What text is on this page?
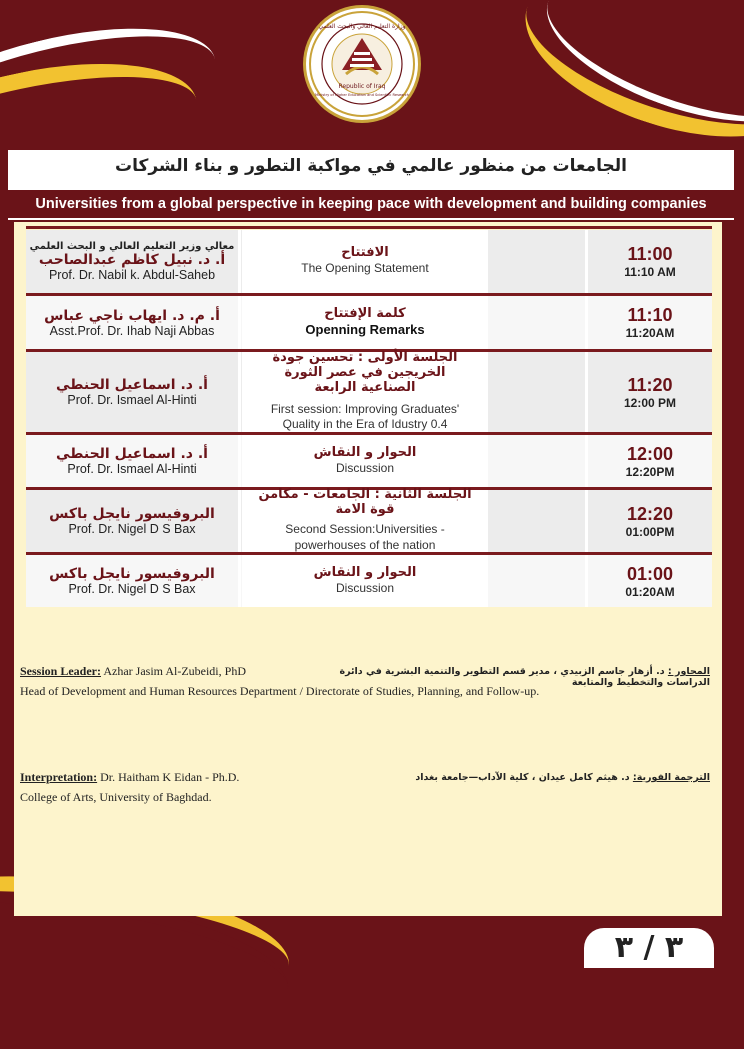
Republic of Iraq
Ministry of Higher Education and Scientific Research
وزارة التعليم العالي والبحث العلمي
الجامعات من منظور عالمي في مواكبة التطور و بناء الشركات
Universities from a global perspective in keeping pace with development and building companies
معالي وزير التعليم العالي و البحث العلمي
أ. د. نبيل كاظم عبدالصاحب
Prof. Dr. Nabil k. Abdul-Saheb
الافتتاح
The Opening Statement
11:00
11:10 AM
أ. م. د. ايهاب ناجي عباس
Asst.Prof. Dr. Ihab Naji Abbas
كلمة الإفتتاح
Openning Remarks
11:10
11:20AM
أ. د. اسماعيل الحنطي
Prof. Dr. Ismael Al-Hinti
الجلسة الأولى : تحسين جودة الخريجين في عصر الثورة الصناعية الرابعة
First session: Improving Graduates' Quality in the Era of Idustry 0.4
11:20
12:00 PM
أ. د. اسماعيل الحنطي
Prof. Dr. Ismael Al-Hinti
الحوار و النقاش
Discussion
12:00
12:20PM
البروفيسور نايجل باكس
Prof. Dr. Nigel D S Bax
الجلسة الثانية : الجامعات - مكامن قوة الامة
Second Session:Universities - powerhouses of the nation
12:20
01:00PM
البروفيسور نايجل باكس
Prof. Dr. Nigel D S Bax
الحوار و النقاش
Discussion
01:00
01:20AM
Session Leader: Azhar Jasim Al-Zubeidi, PhD	المحاور : د. أزهار جاسم الزبيدي ، مدير قسم التطوير والتنمية البشرية في دائرة الدراسات والتخطيط والمتابعة
Head of Development and Human Resources Department / Directorate of Studies, Planning, and Follow-up.
Interpretation: Dr. Haitham K Eidan - Ph.D.	الترجمة الفورية: د. هيثم كامل عيدان ، كلية الآداب—جامعة بغداد
College of Arts, University of Baghdad.
٣ / ٣
